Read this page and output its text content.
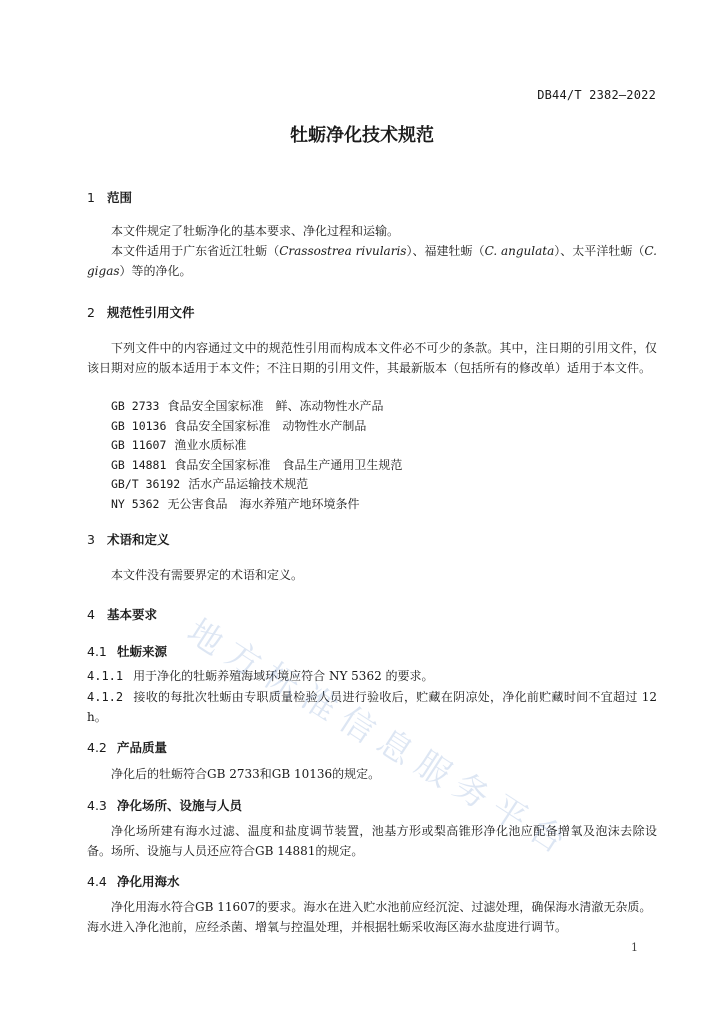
DB44/T 2382—2022
牡蛎净化技术规范
1 范围
本文件规定了牡蛎净化的基本要求、净化过程和运输。
本文件适用于广东省近江牡蛎（Crassostrea rivularis）、福建牡蛎（C. angulata）、太平洋牡蛎（C. gigas）等的净化。
2 规范性引用文件
下列文件中的内容通过文中的规范性引用而构成本文件必不可少的条款。其中，注日期的引用文件，仅该日期对应的版本适用于本文件；不注日期的引用文件，其最新版本（包括所有的修改单）适用于本文件。
GB 2733 食品安全国家标准　鲜、冻动物性水产品
GB 10136 食品安全国家标准　动物性水产制品
GB 11607 渔业水质标准
GB 14881 食品安全国家标准　食品生产通用卫生规范
GB/T 36192 活水产品运输技术规范
NY 5362 无公害食品　海水养殖产地环境条件
3 术语和定义
本文件没有需要界定的术语和定义。
4 基本要求
4.1 牡蛎来源
4.1.1 用于净化的牡蛎养殖海域环境应符合 NY 5362 的要求。
4.1.2 接收的每批次牡蛎由专职质量检验人员进行验收后，贮藏在阴凉处，净化前贮藏时间不宜超过 12 h。
4.2 产品质量
净化后的牡蛎符合GB 2733和GB 10136的规定。
4.3 净化场所、设施与人员
净化场所建有海水过滤、温度和盐度调节装置，池基方形或梨高锥形净化池应配备增氧及泡沫去除设备。场所、设施与人员还应符合GB 14881的规定。
4.4 净化用海水
净化用海水符合GB 11607的要求。海水在进入贮水池前应经沉淀、过滤处理，确保海水清澈无杂质。
海水进入净化池前，应经杀菌、增氧与控温处理，并根据牡蛎采收海区海水盐度进行调节。
地
方
标
准
信
息
服
务
平
台
1
